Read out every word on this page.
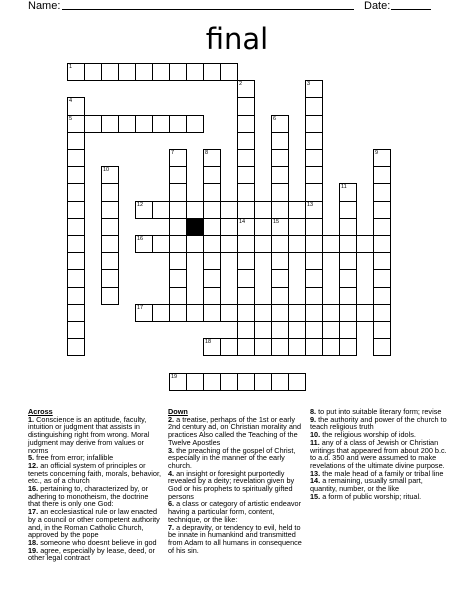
Name:	Date:
final
1
4
5
2
14
3
13
6
15
7	8	9
10
11
12
16
17
18
19
Across
1. Conscience is an aptitude, faculty, intuition or judgment that assists in distinguishing right from wrong. Moral judgment may derive from values or norms
5. free from error; infallible
12. an official system of principles or tenets concerning faith, morals, behavior, etc., as of a church
16. pertaining to, characterized by, or adhering to monotheism, the doctrine that there is only one God:
17. an ecclesiastical rule or law enacted by a council or other competent authority and, in the Roman Catholic Church, approved by the pope
18. someone who doesnt believe in god
19. agree, especially by lease, deed, or other legal contract
Down
2. a treatise, perhaps of the 1st or early 2nd century ad, on Christian morality and practices Also called the Teaching of the Twelve Apostles
3. the preaching of the gospel of Christ, especially in the manner of the early church.
4. an insight or foresight purportedly revealed by a deity; revelation given by God or his prophets to spiritually gifted persons
6. a class or category of artistic endeavor having a particular form, content, technique, or the like:
7. a depravity, or tendency to evil, held to be innate in humankind and transmitted from Adam to all humans in consequence of his sin.
8. to put into suitable literary form; revise
9. the authority and power of the church to teach religious truth
10. the religious worship of idols.
11. any of a class of Jewish or Christian writings that appeared from about 200 b.c. to a.d. 350 and were assumed to make revelations of the ultimate divine purpose.
13. the male head of a family or tribal line
14. a remaining, usually small part, quantity, number, or the like
15. a form of public worship; ritual.
